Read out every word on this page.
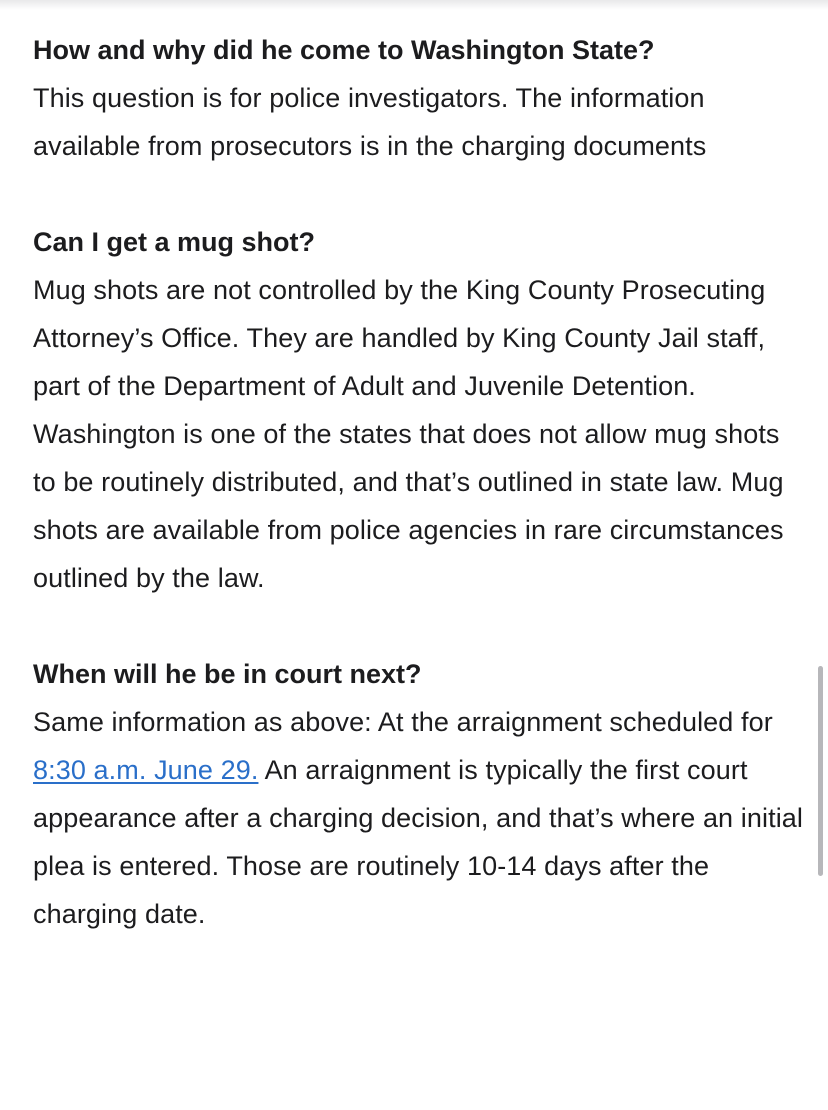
How and why did he come to Washington State?

This question is for police investigators. The information available from prosecutors is in the charging documents

Can I get a mug shot?

Mug shots are not controlled by the King County Prosecuting Attorney’s Office. They are handled by King County Jail staff, part of the Department of Adult and Juvenile Detention. Washington is one of the states that does not allow mug shots to be routinely distributed, and that’s outlined in state law. Mug shots are available from police agencies in rare circumstances outlined by the law.

When will he be in court next?

Same information as above: At the arraignment scheduled for 8:30 a.m. June 29. An arraignment is typically the first court appearance after a charging decision, and that’s where an initial plea is entered. Those are routinely 10-14 days after the charging date.
